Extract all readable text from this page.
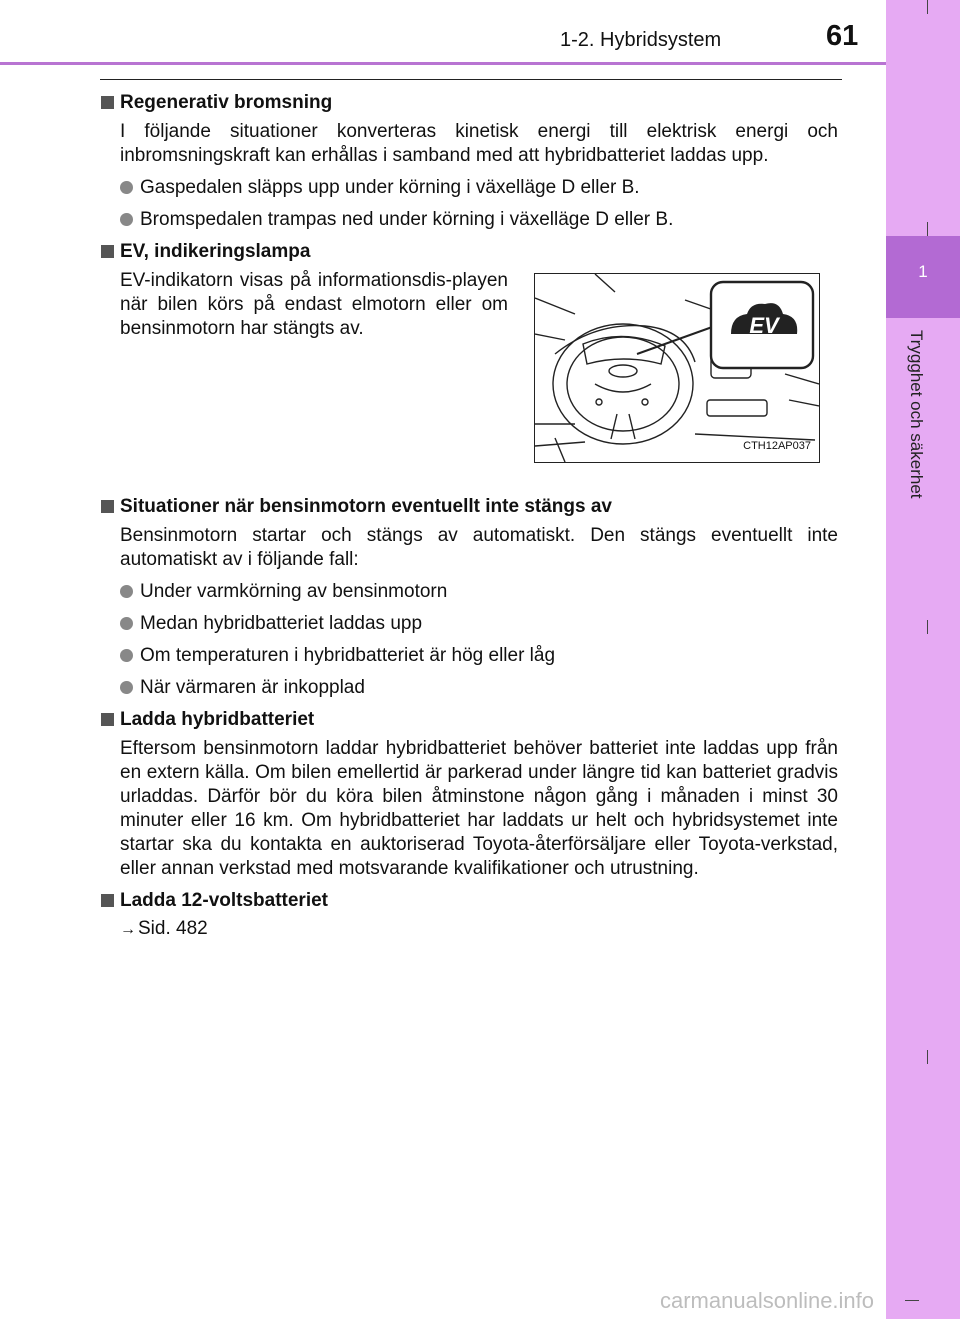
1-2. Hybridsystem	61
1
Trygghet och säkerhet
Regenerativ bromsning
I följande situationer konverteras kinetisk energi till elektrisk energi och inbromsningskraft kan erhållas i samband med att hybridbatteriet laddas upp.
Gaspedalen släpps upp under körning i växelläge D eller B.
Bromspedalen trampas ned under körning i växelläge D eller B.
EV, indikeringslampa
EV-indikatorn visas på informationsdis-playen när bilen körs på endast elmotorn eller om bensinmotorn har stängts av.	EV
CTH12AP037
Situationer när bensinmotorn eventuellt inte stängs av
Bensinmotorn startar och stängs av automatiskt. Den stängs eventuellt inte automatiskt av i följande fall:
Under varmkörning av bensinmotorn
Medan hybridbatteriet laddas upp
Om temperaturen i hybridbatteriet är hög eller låg
När värmaren är inkopplad
Ladda hybridbatteriet
Eftersom bensinmotorn laddar hybridbatteriet behöver batteriet inte laddas upp från en extern källa. Om bilen emellertid är parkerad under längre tid kan batteriet gradvis urladdas. Därför bör du köra bilen åtminstone någon gång i månaden i minst 30 minuter eller 16 km. Om hybridbatteriet har laddats ur helt och hybridsystemet inte startar ska du kontakta en auktoriserad Toyota-återförsäljare eller Toyota-verkstad, eller annan verkstad med motsvarande kvalifikationer och utrustning.
Ladda 12-voltsbatteriet
→ Sid. 482
carmanualsonline.info
